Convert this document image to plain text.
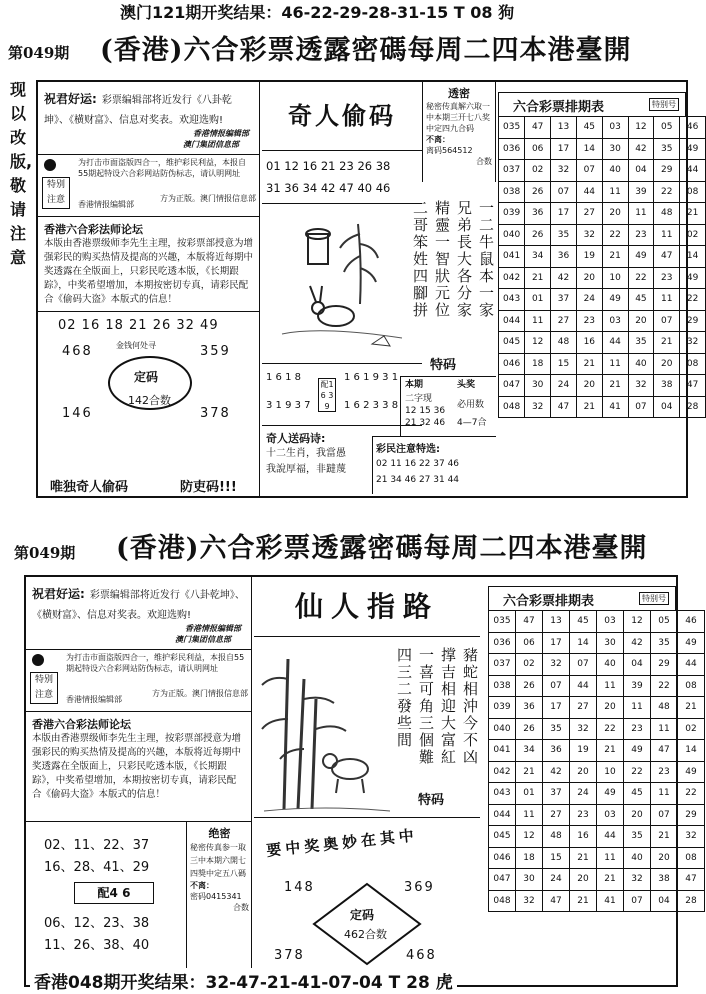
澳门121期开奖结果：46-22-29-28-31-15 T 08 狗
第049期 (香港)六合彩票透露密碼每周二四本港臺開
现以改版,敬请注意
祝君好运: 彩票编辑部将近发行《八卦乾坤》、《横财富》、信息对奖表。欢迎选购!
香港情报编辑部
澳门集团信息部
特别注意
为打击市面盗版四合一，维护彩民利益，本报自55期起特设六合彩网站防伪标志，请认明网址
香港情报编辑部
方为正版。澳门情报信息部
香港六合彩法师论坛
本版由香港票级师李先生主理，按彩票部授意为增强彩民的购买热情及提高的兴趣，本版将近每期中奖透露在全版面上，只彩民吃透本版，《长期跟踪》，中奖希望增加，本期按密切专真，请彩民配合《偷码大盗》本版式的信息！
02 16 18 21 26 32 49
468	359
金钱何处寻
定码
142合数
146	378
唯独奇人偷码	防吏码!!!
奇人偷码
01 12 16 21 23 26 38
31 36 34 42 47 40 46
1 6 1 8
3 1 9 3 7
配16 39
1 6 1 9 3 1
1 6 2 3 3 8
奇人送码诗:
十二生肖，我當愚
我說厚福，非躂蔑
透密
秘密传真解六取一中本期三开七八奖中定四九合码
不离：
离码564512
合数
一二牛鼠本一家
兄弟長大各分家
精靈一智狀元位
二哥笨姓四腳拼
特码
本期
二字现
12 15 36
21 32 46
头奖
必用数
4—7合
彩民注意特选:
02 11 16 22 37 46
21 34 46 27 31 44
六合彩票排期表	特别号
035	47	13	45	03	12	05	46
036	06	17	14	30	42	35	49
037	02	32	07	40	04	29	44
038	26	07	44	11	39	22	08
039	36	17	27	20	11	48	21
040	26	35	32	22	23	11	02
041	34	36	19	21	49	47	14
042	21	42	20	10	22	23	49
043	01	37	24	49	45	11	22
044	11	27	23	03	20	07	29
045	12	48	16	44	35	21	32
046	18	15	21	11	40	20	08
047	30	24	20	21	32	38	47
048	32	47	21	41	07	04	28
第049期 (香港)六合彩票透露密碼每周二四本港臺開
祝君好运: 彩票编辑部将近发行《八卦乾坤》、《横财富》、信息对奖表。欢迎选购!
香港情报编辑部
澳门集团信息部
特别注意
为打击市面盗版四合一，维护彩民利益，本报自55期起特设六合彩网站防伪标志，请认明网址
香港情报编辑部
方为正版。澳门情报信息部
香港六合彩法师论坛
本版由香港票级师李先生主理，按彩票部授意为增强彩民的购买热情及提高的兴趣，本版将近每期中奖透露在全版面上，只彩民吃透本版，《长期跟踪》，中奖希望增加，本期按密切专真，请彩民配合《偷码大盗》本版式的信息！
02、11、22、37
16、28、41、29
配4 6
06、12、23、38
11、26、38、40
绝密
秘密传真参一取三中本期六開七四獎中定五八碼
不离：
密码0415341
合数
仙人指路
豬蛇相沖今不凶
撑吉相迎大富紅
一喜可角三個難
四三二發些間
特码
要中奖奥妙在其中
148	369
定码
462合数
378	468
六合彩票排期表	特别号
035	47	13	45	03	12	05	46
036	06	17	14	30	42	35	49
037	02	32	07	40	04	29	44
038	26	07	44	11	39	22	08
039	36	17	27	20	11	48	21
040	26	35	32	22	23	11	02
041	34	36	19	21	49	47	14
042	21	42	20	10	22	23	49
043	01	37	24	49	45	11	22
044	11	27	23	03	20	07	29
045	12	48	16	44	35	21	32
046	18	15	21	11	40	20	08
047	30	24	20	21	32	38	47
048	32	47	21	41	07	04	28
香港048期开奖结果：32-47-21-41-07-04 T 28 虎
